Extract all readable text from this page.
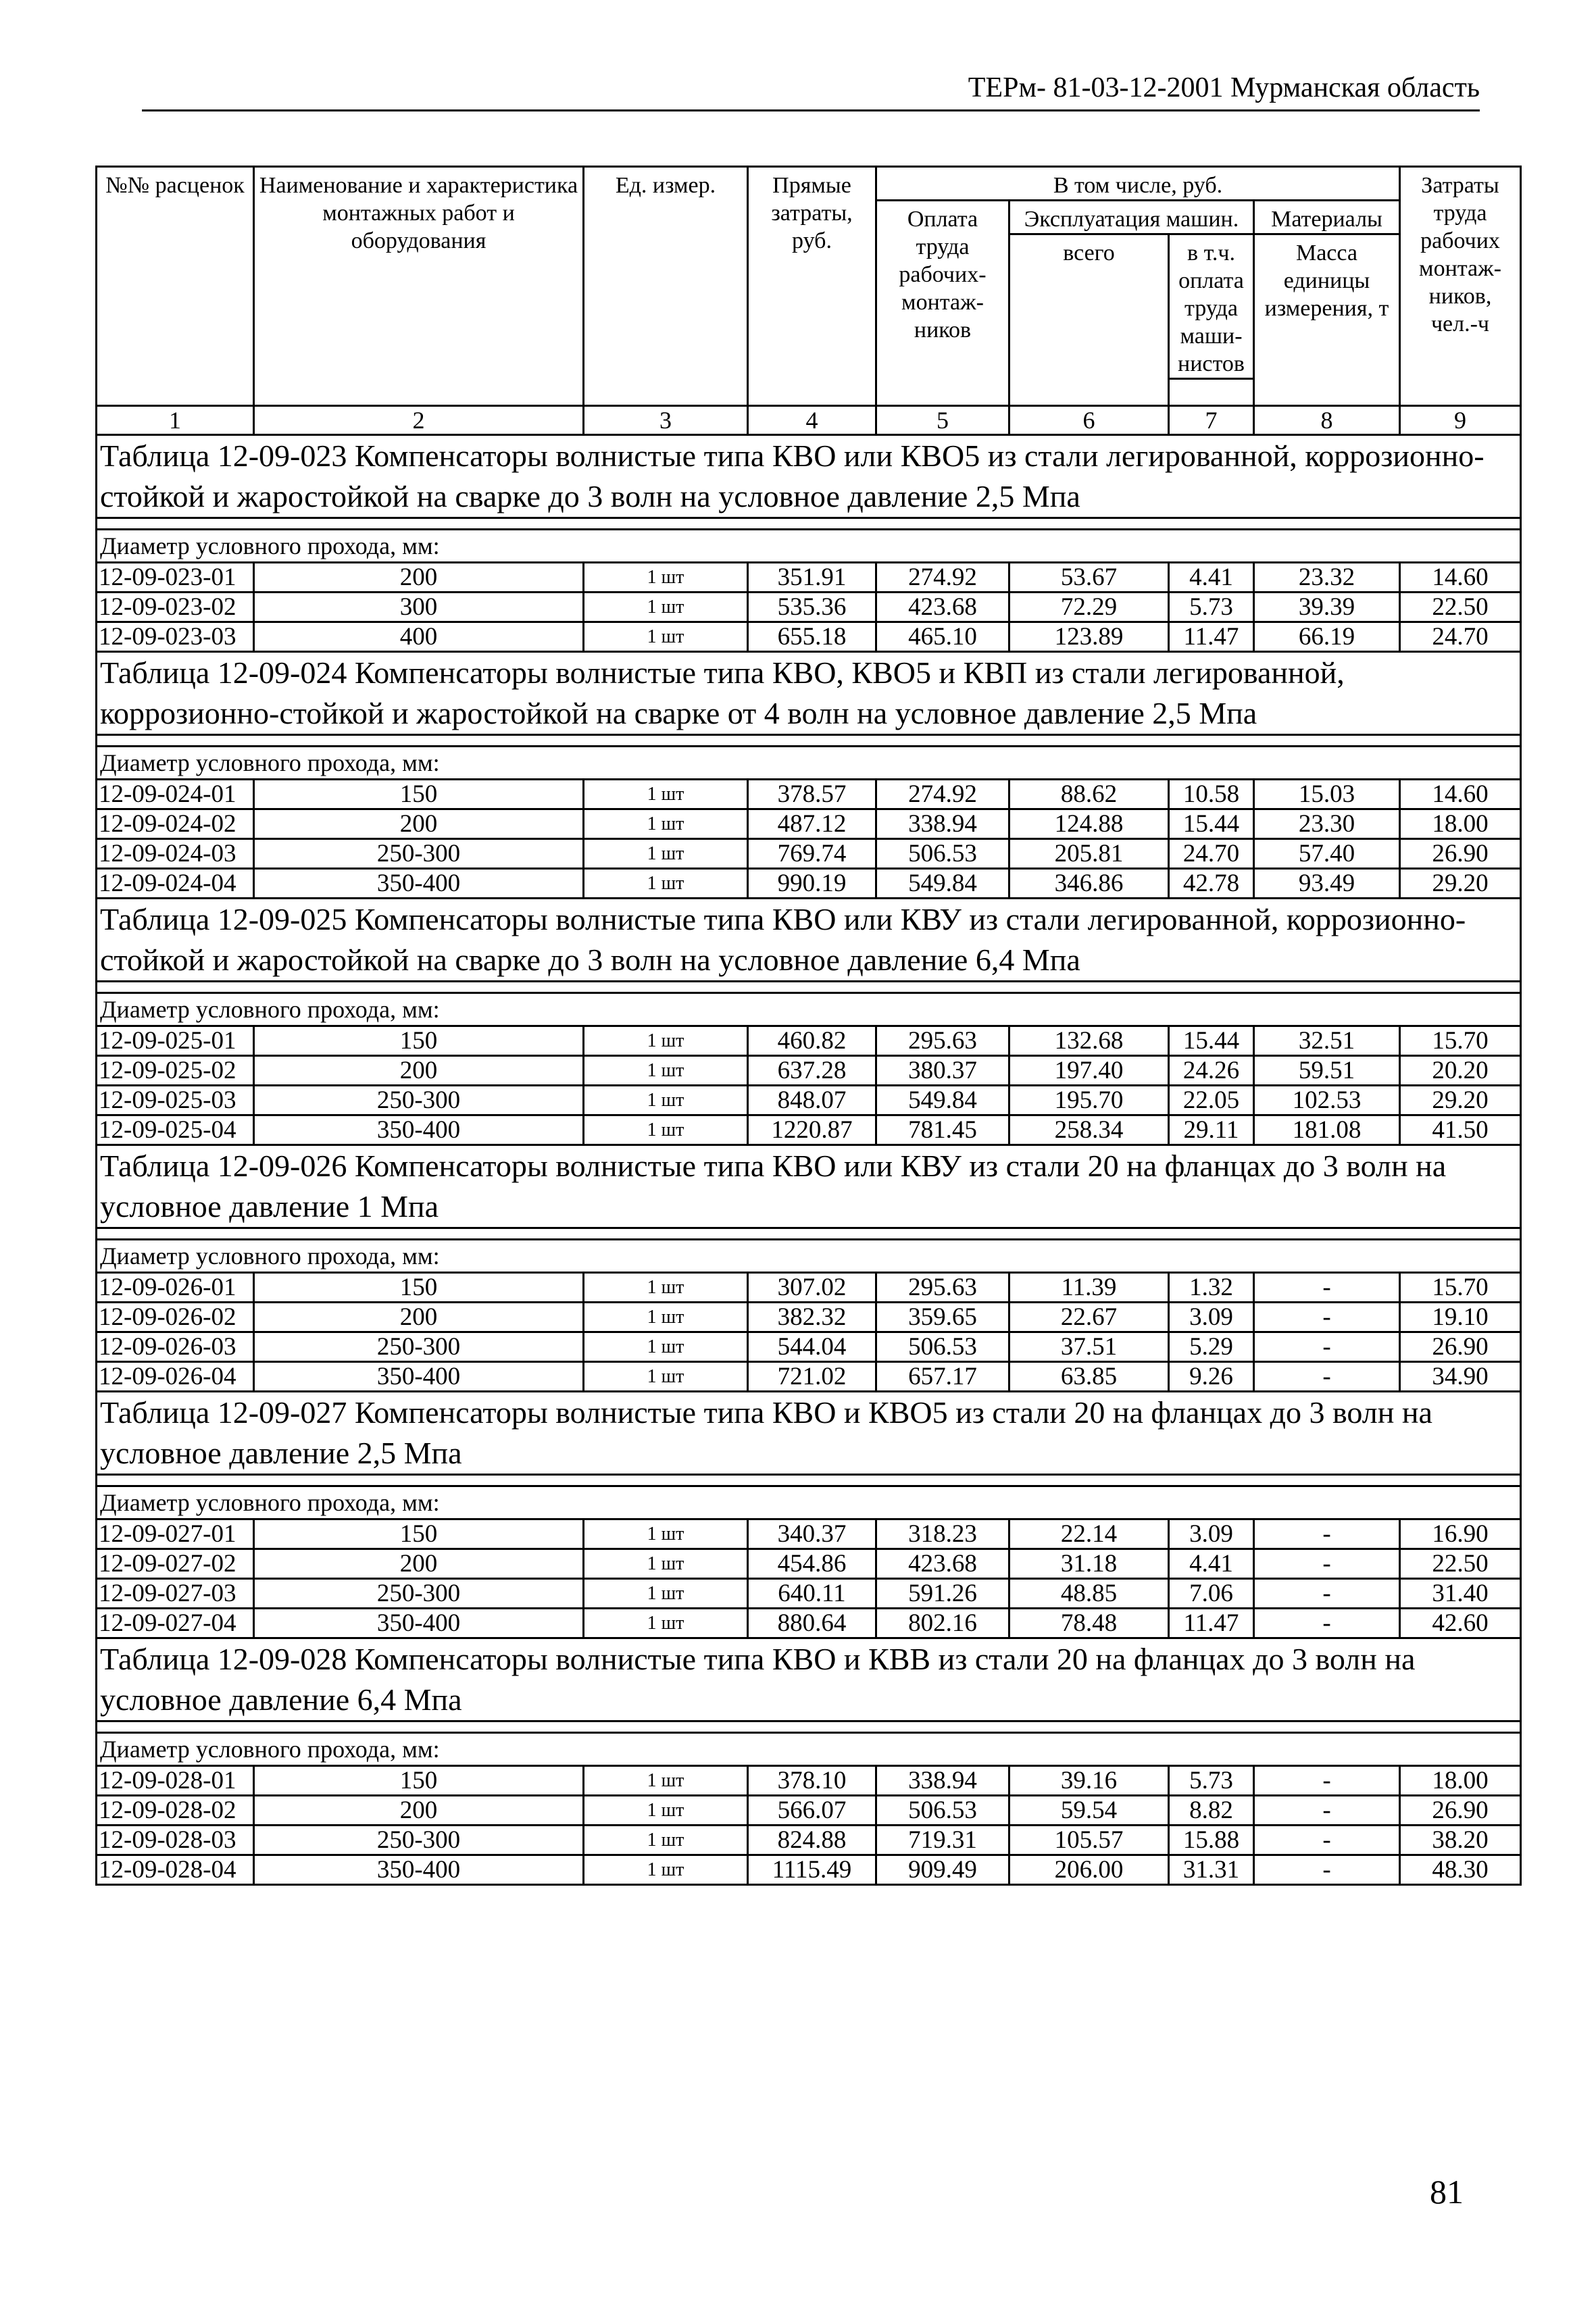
ТЕРм- 81-03-12-2001 Мурманская область
№№ расценок	Наименование и характеристика монтажных работ и оборудования	Ед. измер.	Прямые затраты, руб.	В том числе, руб.				Затраты труда рабочих монтаж-ников, чел.-ч
				Оплата труда рабочих-монтаж-ников	Эксплуатация машин.		Материалы	
					всего	в т.ч. оплата труда маши-нистов	Масса единицы измерения, т	

1	2	3	4	5	6	7	8	9
Таблица 12-09-023 Компенсаторы волнистые типа КВО или КВО5 из стали легированной, коррозионно-стойкой и жаростойкой на сварке до 3 волн на условное давление 2,5 Мпа								

Диаметр условного прохода, мм:								
12-09-023-01	200	1 шт	351.91	274.92	53.67	4.41	23.32	14.60
12-09-023-02	300	1 шт	535.36	423.68	72.29	5.73	39.39	22.50
12-09-023-03	400	1 шт	655.18	465.10	123.89	11.47	66.19	24.70
Таблица 12-09-024 Компенсаторы волнистые типа КВО, КВО5 и КВП из стали легированной, коррозионно-стойкой и жаростойкой на сварке от 4 волн на условное давление 2,5 Мпа								

Диаметр условного прохода, мм:								
12-09-024-01	150	1 шт	378.57	274.92	88.62	10.58	15.03	14.60
12-09-024-02	200	1 шт	487.12	338.94	124.88	15.44	23.30	18.00
12-09-024-03	250-300	1 шт	769.74	506.53	205.81	24.70	57.40	26.90
12-09-024-04	350-400	1 шт	990.19	549.84	346.86	42.78	93.49	29.20
Таблица 12-09-025 Компенсаторы волнистые типа КВО или КВУ из стали легированной, коррозионно-стойкой и жаростойкой на сварке до 3 волн на условное давление 6,4 Мпа								

Диаметр условного прохода, мм:								
12-09-025-01	150	1 шт	460.82	295.63	132.68	15.44	32.51	15.70
12-09-025-02	200	1 шт	637.28	380.37	197.40	24.26	59.51	20.20
12-09-025-03	250-300	1 шт	848.07	549.84	195.70	22.05	102.53	29.20
12-09-025-04	350-400	1 шт	1220.87	781.45	258.34	29.11	181.08	41.50
Таблица 12-09-026 Компенсаторы волнистые типа КВО или КВУ из стали 20 на фланцах до 3 волн на условное давление 1 Мпа								

Диаметр условного прохода, мм:								
12-09-026-01	150	1 шт	307.02	295.63	11.39	1.32	-	15.70
12-09-026-02	200	1 шт	382.32	359.65	22.67	3.09	-	19.10
12-09-026-03	250-300	1 шт	544.04	506.53	37.51	5.29	-	26.90
12-09-026-04	350-400	1 шт	721.02	657.17	63.85	9.26	-	34.90
Таблица 12-09-027 Компенсаторы волнистые типа КВО и КВО5 из стали 20 на фланцах до 3 волн на условное давление 2,5 Мпа								

Диаметр условного прохода, мм:								
12-09-027-01	150	1 шт	340.37	318.23	22.14	3.09	-	16.90
12-09-027-02	200	1 шт	454.86	423.68	31.18	4.41	-	22.50
12-09-027-03	250-300	1 шт	640.11	591.26	48.85	7.06	-	31.40
12-09-027-04	350-400	1 шт	880.64	802.16	78.48	11.47	-	42.60
Таблица 12-09-028 Компенсаторы волнистые типа КВО и КВВ из стали 20 на фланцах до 3 волн на условное давление 6,4 Мпа								

Диаметр условного прохода, мм:								
12-09-028-01	150	1 шт	378.10	338.94	39.16	5.73	-	18.00
12-09-028-02	200	1 шт	566.07	506.53	59.54	8.82	-	26.90
12-09-028-03	250-300	1 шт	824.88	719.31	105.57	15.88	-	38.20
12-09-028-04	350-400	1 шт	1115.49	909.49	206.00	31.31	-	48.30
81
